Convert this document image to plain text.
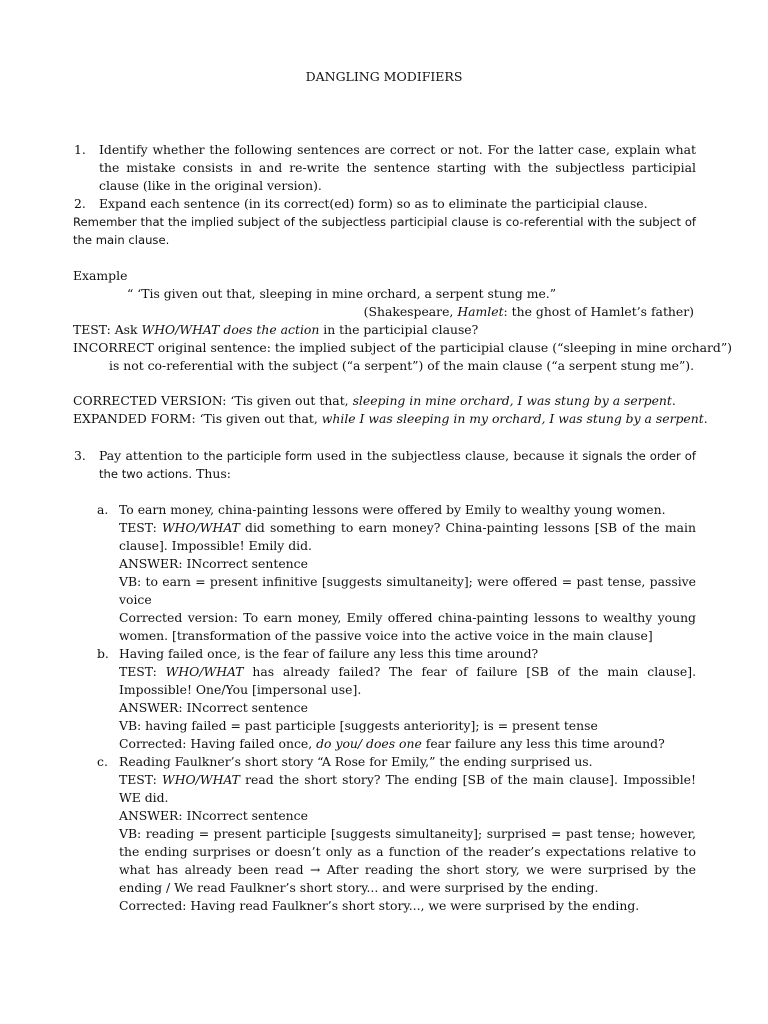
DANGLING MODIFIERS
1. Identify whether the following sentences are correct or not. For the latter case, explain what the mistake consists in and re-write the sentence starting with the subjectless participial clause (like in the original version).
2. Expand each sentence (in its correct(ed) form) so as to eliminate the participial clause.
Remember that the implied subject of the subjectless participial clause is co-referential with the subject of the main clause.
Example
“ ‘Tis given out that, sleeping in mine orchard, a serpent stung me.”
(Shakespeare, Hamlet: the ghost of Hamlet’s father)
TEST: Ask WHO/WHAT does the action in the participial clause?
INCORRECT original sentence: the implied subject of the participial clause (“sleeping in mine orchard”) is not co-referential with the subject (“a serpent”) of the main clause (“a serpent stung me”).
CORRECTED VERSION: ‘Tis given out that, sleeping in mine orchard, I was stung by a serpent.
EXPANDED FORM: ‘Tis given out that, while I was sleeping in my orchard, I was stung by a serpent.
3. Pay attention to the participle form used in the subjectless clause, because it signals the order of the two actions. Thus:
a. To earn money, china-painting lessons were offered by Emily to wealthy young women.
TEST: WHO/WHAT did something to earn money? China-painting lessons [SB of the main clause]. Impossible! Emily did.
ANSWER: INcorrect sentence
VB: to earn = present infinitive [suggests simultaneity]; were offered = past tense, passive voice
Corrected version: To earn money, Emily offered china-painting lessons to wealthy young women. [transformation of the passive voice into the active voice in the main clause]
b. Having failed once, is the fear of failure any less this time around?
TEST: WHO/WHAT has already failed? The fear of failure [SB of the main clause]. Impossible! One/You [impersonal use].
ANSWER: INcorrect sentence
VB: having failed = past participle [suggests anteriority]; is = present tense
Corrected: Having failed once, do you/ does one fear failure any less this time around?
c. Reading Faulkner’s short story “A Rose for Emily,” the ending surprised us.
TEST: WHO/WHAT read the short story? The ending [SB of the main clause]. Impossible! WE did.
ANSWER: INcorrect sentence
VB: reading = present participle [suggests simultaneity]; surprised = past tense; however, the ending surprises or doesn’t only as a function of the reader’s expectations relative to what has already been read → After reading the short story, we were surprised by the ending / We read Faulkner’s short story... and were surprised by the ending.
Corrected: Having read Faulkner’s short story..., we were surprised by the ending.
